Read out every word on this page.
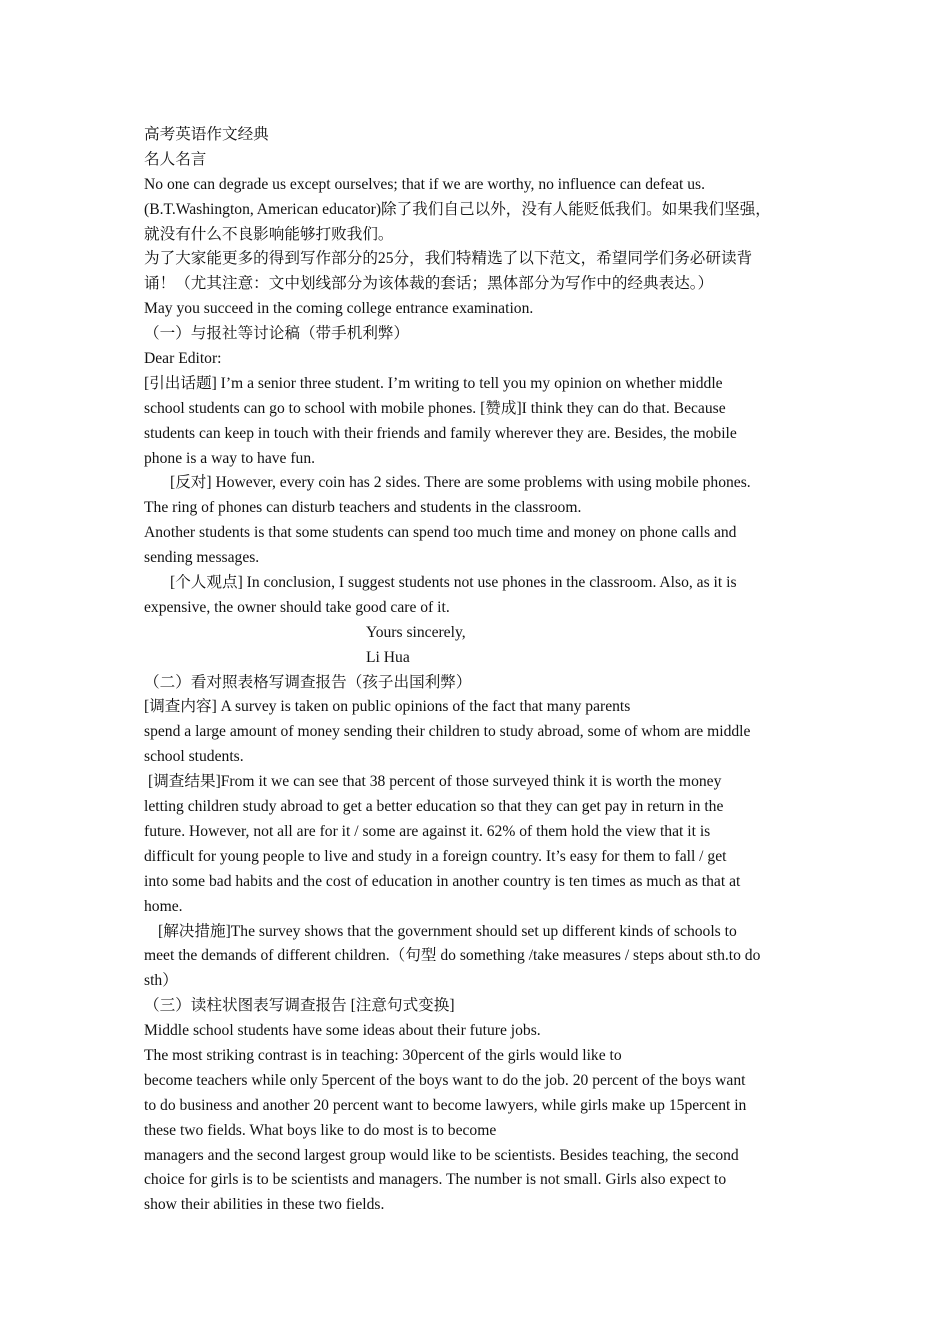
高考英语作文经典
名人名言
No one can degrade us except ourselves; that if we are worthy, no influence can defeat us.
(B.T.Washington, American educator)除了我们自己以外，没有人能贬低我们。如果我们坚强，
就没有什么不良影响能够打败我们。
为了大家能更多的得到写作部分的25分，我们特精选了以下范文，希望同学们务必研读背
诵！（尤其注意：文中划线部分为该体裁的套话；黑体部分为写作中的经典表达。）
May you succeed in the coming college entrance examination.
（一）与报社等讨论稿（带手机利弊）
Dear Editor:
[引出话题] I’m a senior three student. I’m writing to tell you my opinion on whether middle
school students can go to school with mobile phones. [赞成]I think they can do that. Because
students can keep in touch with their friends and family wherever they are. Besides, the mobile
phone is a way to have fun.
[反对] However, every coin has 2 sides. There are some problems with using mobile phones.
The ring of phones can disturb teachers and students in the classroom.
Another students is that some students can spend too much time and money on phone calls and
sending messages.
[个人观点] In conclusion, I suggest students not use phones in the classroom. Also, as it is
expensive, the owner should take good care of it.
Yours sincerely,
Li Hua
（二）看对照表格写调查报告（孩子出国利弊）
[调查内容] A survey is taken on public opinions of the fact that many parents
spend a large amount of money sending their children to study abroad, some of whom are middle
school students.
[调查结果]From it we can see that 38 percent of those surveyed think it is worth the money
letting children study abroad to get a better education so that they can get pay in return in the
future. However, not all are for it / some are against it. 62% of them hold the view that it is
difficult for young people to live and study in a foreign country. It’s easy for them to fall / get
into some bad habits and the cost of education in another country is ten times as much as that at
home.
[解决措施]The survey shows that the government should set up different kinds of schools to
meet the demands of different children.（句型 do something /take measures / steps about sth.to do
sth）
（三）读柱状图表写调查报告 [注意句式变换]
Middle school students have some ideas about their future jobs.
The most striking contrast is in teaching: 30percent of the girls would like to
become teachers while only 5percent of the boys want to do the job. 20 percent of the boys want
to do business and another 20 percent want to become lawyers, while girls make up 15percent in
these two fields. What boys like to do most is to become
managers and the second largest group would like to be scientists. Besides teaching, the second
choice for girls is to be scientists and managers. The number is not small. Girls also expect to
show their abilities in these two fields.
